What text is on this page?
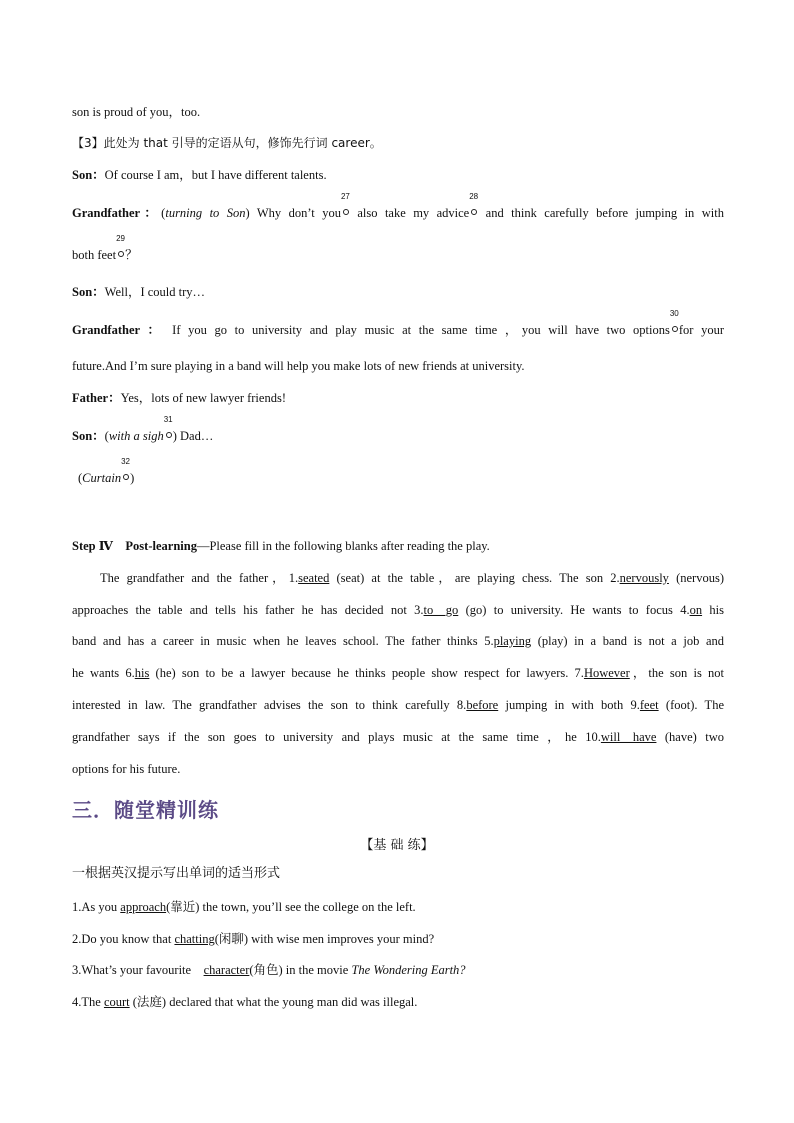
son is proud of you，too.
【3】此处为 that 引导的定语从句，修饰先行词 career。
Son：Of course I am，but I have different talents.
Grandfather：(turning to Son) Why don’t you
27
also take my advice
28
and think carefully before jumping in with
both feet
29
？
Son：Well，I could try…
Grandfather ： If you go to university and play music at the same time ，you will have two options
30
for your
future.And I’m sure playing in a band will help you make lots of new friends at university.
Father：Yes，lots of new lawyer friends!
Son：(with a sigh
31
) Dad…
(Curtain
32
)
Step Ⅳ　Post-learning—Please fill in the following blanks after reading the play.
The grandfather and the father，1.seated (seat) at the table，are playing chess. The son 2.nervously (nervous)
approaches the table and tells his father he has decided not 3.to__go (go) to university. He wants to focus 4.on his
band and has a career in music when he leaves school. The father thinks 5.playing (play) in a band is not a job and
he wants 6.his (he) son to be a lawyer because he thinks people show respect for lawyers. 7.However，the son is not
interested in law. The grandfather advises the son to think carefully 8.before jumping in with both 9.feet (foot). The
grandfather says if the son goes to university and plays music at the same time ，he 10.will__have (have) two
options for his future.
三．随堂精训练
【基 础 练】
一根据英汉提示写出单词的适当形式
1.As you approach(靠近) the town, you’ll see the college on the left.
2.Do you know that chatting(闲聊) with wise men improves your mind?
3.What’s your favourite　character(角色) in the movie The Wondering Earth?
4.The court (法庭) declared that what the young man did was illegal.
